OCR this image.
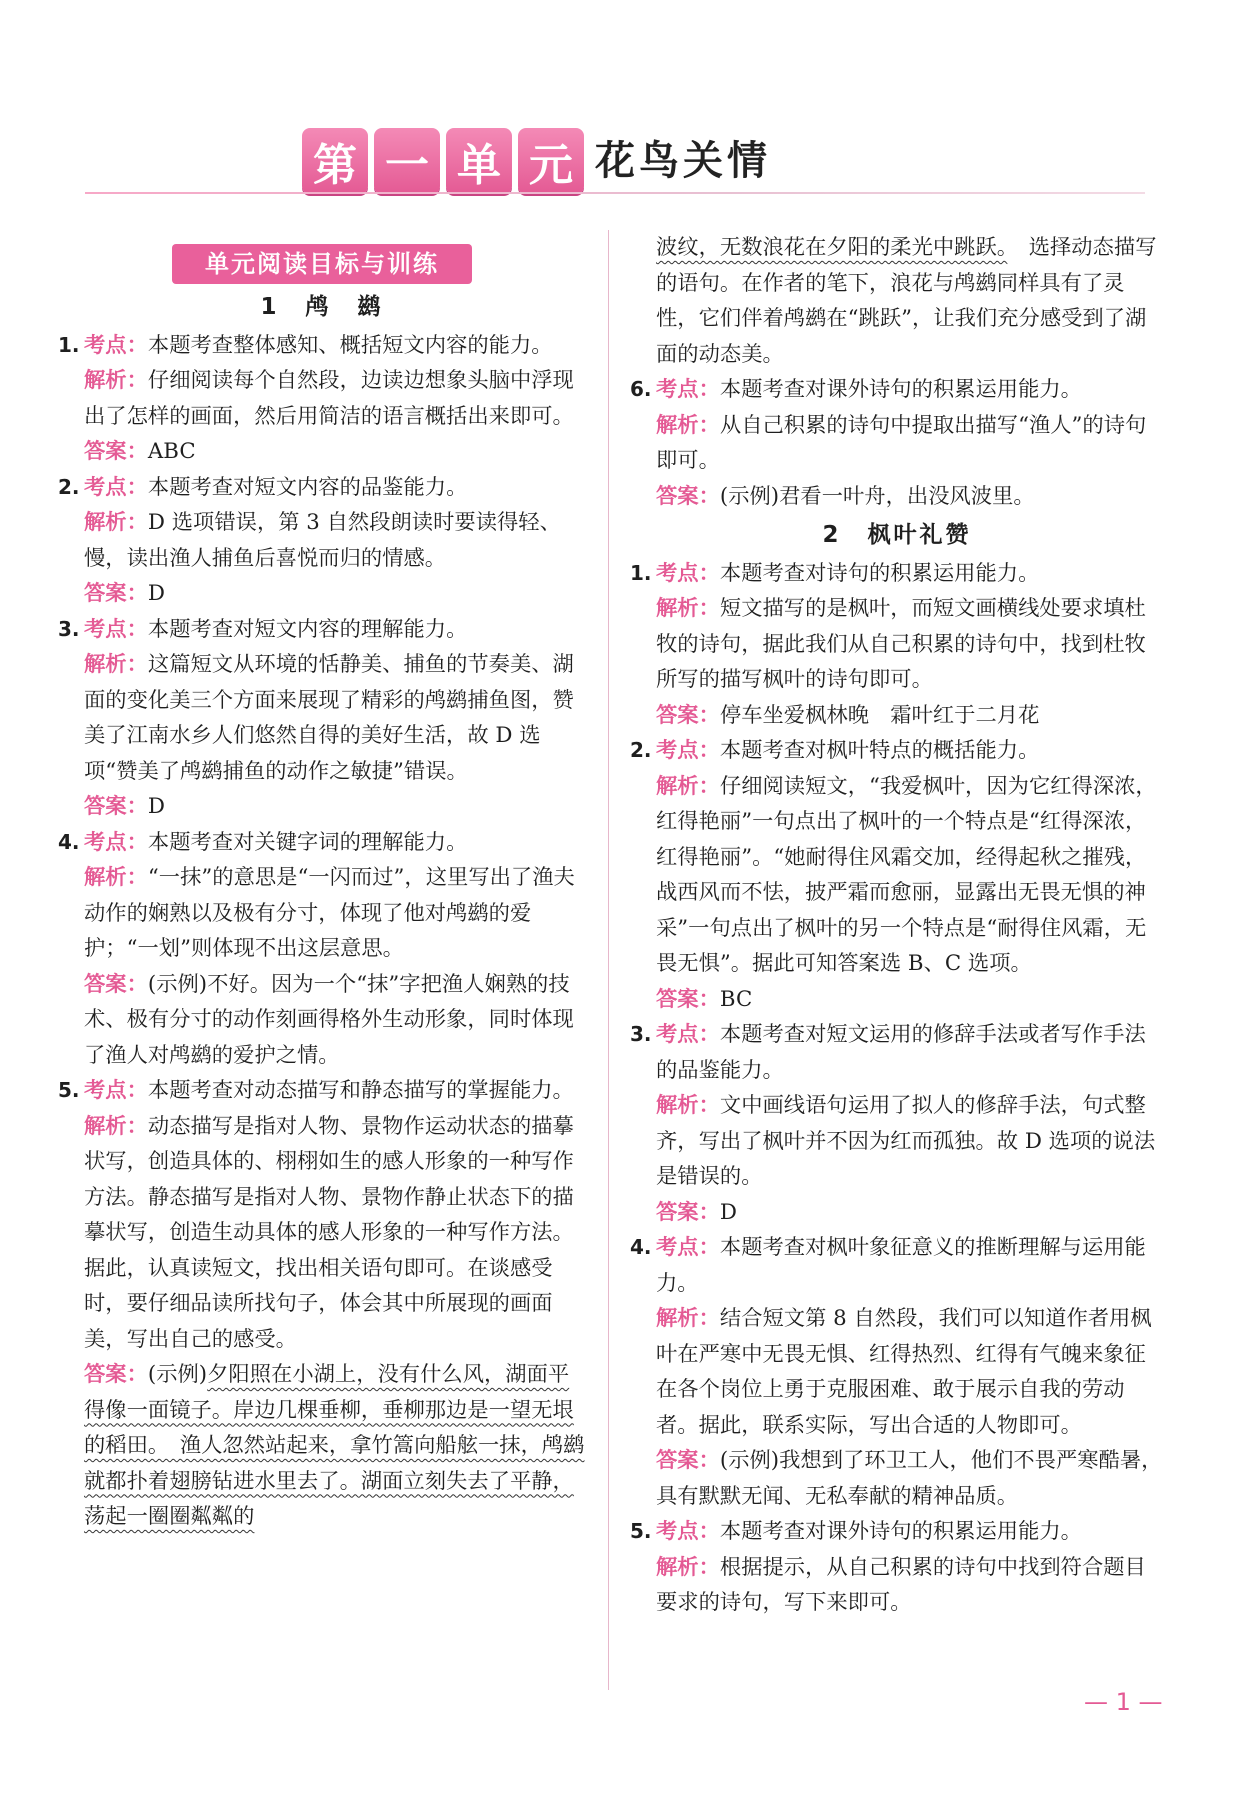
第 一 单 元 花鸟关情
单元阅读目标与训练
1　鸬　鹚
1. 考点：本题考查整体感知、概括短文内容的能力。
解析：仔细阅读每个自然段，边读边想象头脑中浮现出了怎样的画面，然后用简洁的语言概括出来即可。
答案：ABC
2. 考点：本题考查对短文内容的品鉴能力。
解析：D 选项错误，第 3 自然段朗读时要读得轻、慢，读出渔人捕鱼后喜悦而归的情感。
答案：D
3. 考点：本题考查对短文内容的理解能力。
解析：这篇短文从环境的恬静美、捕鱼的节奏美、湖面的变化美三个方面来展现了精彩的鸬鹚捕鱼图，赞美了江南水乡人们悠然自得的美好生活，故 D 选项“赞美了鸬鹚捕鱼的动作之敏捷”错误。
答案：D
4. 考点：本题考查对关键字词的理解能力。
解析：“一抹”的意思是“一闪而过”，这里写出了渔夫动作的娴熟以及极有分寸，体现了他对鸬鹚的爱护；“一划”则体现不出这层意思。
答案：(示例)不好。因为一个“抹”字把渔人娴熟的技术、极有分寸的动作刻画得格外生动形象，同时体现了渔人对鸬鹚的爱护之情。
5. 考点：本题考查对动态描写和静态描写的掌握能力。
解析：动态描写是指对人物、景物作运动状态的描摹状写，创造具体的、栩栩如生的感人形象的一种写作方法。静态描写是指对人物、景物作静止状态下的描摹状写，创造生动具体的感人形象的一种写作方法。据此，认真读短文，找出相关语句即可。在谈感受时，要仔细品读所找句子，体会其中所展现的画面美，写出自己的感受。
答案：(示例)夕阳照在小湖上，没有什么风，湖面平得像一面镜子。岸边几棵垂柳，垂柳那边是一望无垠的稻田。　渔人忽然站起来，拿竹篙向船舷一抹，鸬鹚就都扑着翅膀钻进水里去了。湖面立刻失去了平静，荡起一圈圈粼粼的
波纹，无数浪花在夕阳的柔光中跳跃。　选择动态描写的语句。在作者的笔下，浪花与鸬鹚同样具有了灵性，它们伴着鸬鹚在“跳跃”，让我们充分感受到了湖面的动态美。
6. 考点：本题考查对课外诗句的积累运用能力。
解析：从自己积累的诗句中提取出描写“渔人”的诗句即可。
答案：(示例)君看一叶舟，出没风波里。
2　枫叶礼赞
1. 考点：本题考查对诗句的积累运用能力。
解析：短文描写的是枫叶，而短文画横线处要求填杜牧的诗句，据此我们从自己积累的诗句中，找到杜牧所写的描写枫叶的诗句即可。
答案：停车坐爱枫林晚　霜叶红于二月花
2. 考点：本题考查对枫叶特点的概括能力。
解析：仔细阅读短文，“我爱枫叶，因为它红得深浓，红得艳丽”一句点出了枫叶的一个特点是“红得深浓，红得艳丽”。“她耐得住风霜交加，经得起秋之摧残，战西风而不怯，披严霜而愈丽，显露出无畏无惧的神采”一句点出了枫叶的另一个特点是“耐得住风霜，无畏无惧”。据此可知答案选 B、C 选项。
答案：BC
3. 考点：本题考查对短文运用的修辞手法或者写作手法的品鉴能力。
解析：文中画线语句运用了拟人的修辞手法，句式整齐，写出了枫叶并不因为红而孤独。故 D 选项的说法是错误的。
答案：D
4. 考点：本题考查对枫叶象征意义的推断理解与运用能力。
解析：结合短文第 8 自然段，我们可以知道作者用枫叶在严寒中无畏无惧、红得热烈、红得有气魄来象征在各个岗位上勇于克服困难、敢于展示自我的劳动者。据此，联系实际，写出合适的人物即可。
答案：(示例)我想到了环卫工人，他们不畏严寒酷暑，具有默默无闻、无私奉献的精神品质。
5. 考点：本题考查对课外诗句的积累运用能力。
解析：根据提示，从自己积累的诗句中找到符合题目要求的诗句，写下来即可。
— 1 —
